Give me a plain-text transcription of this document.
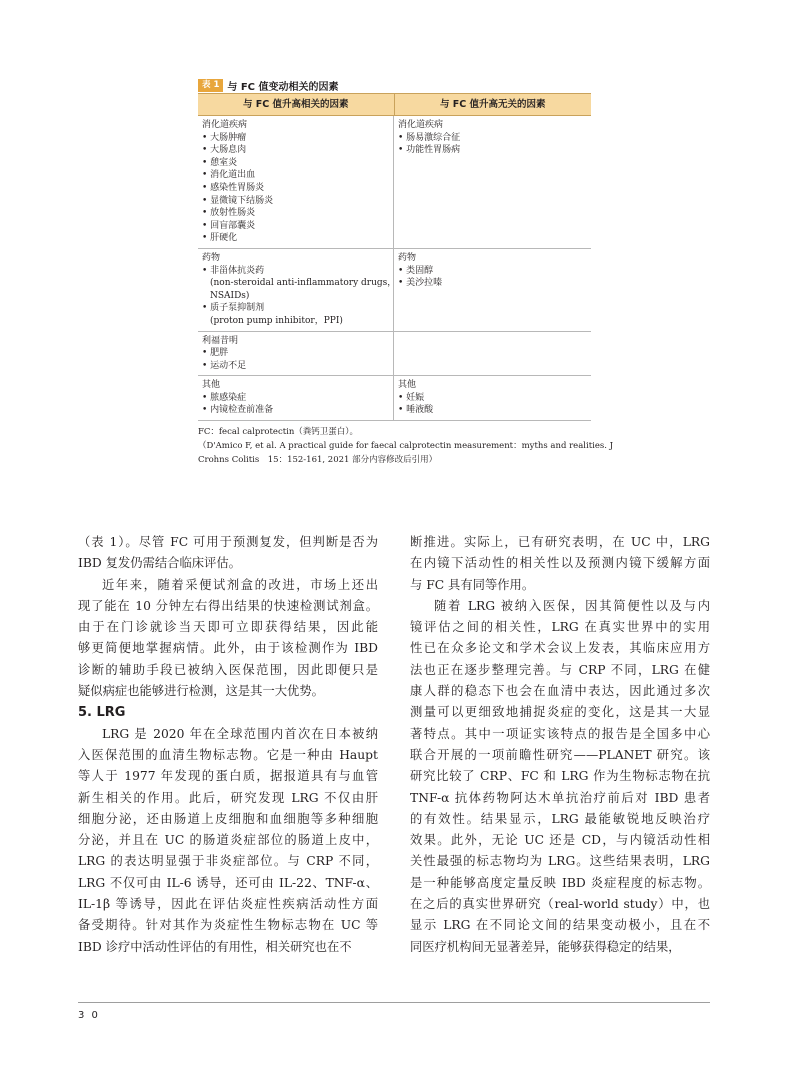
表 1 与 FC 值变动相关的因素
与 FC 值升高相关的因素	与 FC 值升高无关的因素
消化道疾病
• 大肠肿瘤
• 大肠息肉
• 憩室炎
• 消化道出血
• 感染性胃肠炎
• 显微镜下结肠炎
• 放射性肠炎
• 回盲部囊炎
• 肝硬化
消化道疾病
• 肠易激综合征
• 功能性胃肠病
药物
• 非甾体抗炎药
(non-steroidal anti-inflammatory drugs，
NSAIDs)
• 质子泵抑制剂
(proton pump inhibitor，PPI)
药物
• 类固醇
• 美沙拉嗪
利福昔明
• 肥胖
• 运动不足
其他
• 脓感染症
• 内镜检查前准备
其他
• 妊娠
• 唾液酸
FC：fecal calprotectin（粪钙卫蛋白）。
（D'Amico F, et al. A practical guide for faecal calprotectin measurement：myths and realities. J
Crohns Colitis　15：152-161, 2021 部分内容修改后引用）

（表 1）。尽管 FC 可用于预测复发，但判断是否为
IBD 复发仍需结合临床评估。

近年来，随着采便试剂盒的改进，市场上还出
现了能在 10 分钟左右得出结果的快速检测试剂盒。
由于在门诊就诊当天即可立即获得结果，因此能
够更简便地掌握病情。此外，由于该检测作为 IBD
诊断的辅助手段已被纳入医保范围，因此即便只是
疑似病症也能够进行检测，这是其一大优势。

5. LRG

LRG 是 2020 年在全球范围内首次在日本被纳
入医保范围的血清生物标志物。它是一种由 Haupt
等人于 1977 年发现的蛋白质，据报道具有与血管
新生相关的作用。此后，研究发现 LRG 不仅由肝
细胞分泌，还由肠道上皮细胞和血细胞等多种细胞
分泌，并且在 UC 的肠道炎症部位的肠道上皮中，
LRG 的表达明显强于非炎症部位。与 CRP 不同，
LRG 不仅可由 IL-6 诱导，还可由 IL-22、TNF-α、
IL-1β 等诱导，因此在评估炎症性疾病活动性方面
备受期待。针对其作为炎症性生物标志物在 UC 等
IBD 诊疗中活动性评估的有用性，相关研究也在不

断推进。实际上，已有研究表明，在 UC 中，LRG
在内镜下活动性的相关性以及预测内镜下缓解方面
与 FC 具有同等作用。

随着 LRG 被纳入医保，因其简便性以及与内
镜评估之间的相关性，LRG 在真实世界中的实用
性已在众多论文和学术会议上发表，其临床应用方
法也正在逐步整理完善。与 CRP 不同，LRG 在健
康人群的稳态下也会在血清中表达，因此通过多次
测量可以更细致地捕捉炎症的变化，这是其一大显
著特点。其中一项证实该特点的报告是全国多中心
联合开展的一项前瞻性研究——PLANET 研究。该
研究比较了 CRP、FC 和 LRG 作为生物标志物在抗
TNF-α 抗体药物阿达木单抗治疗前后对 IBD 患者
的有效性。结果显示，LRG 最能敏锐地反映治疗
效果。此外，无论 UC 还是 CD，与内镜活动性相
关性最强的标志物均为 LRG。这些结果表明，LRG
是一种能够高度定量反映 IBD 炎症程度的标志物。
在之后的真实世界研究（real-world study）中，也
显示 LRG 在不同论文间的结果变动极小，且在不
同医疗机构间无显著差异，能够获得稳定的结果，

3 0
